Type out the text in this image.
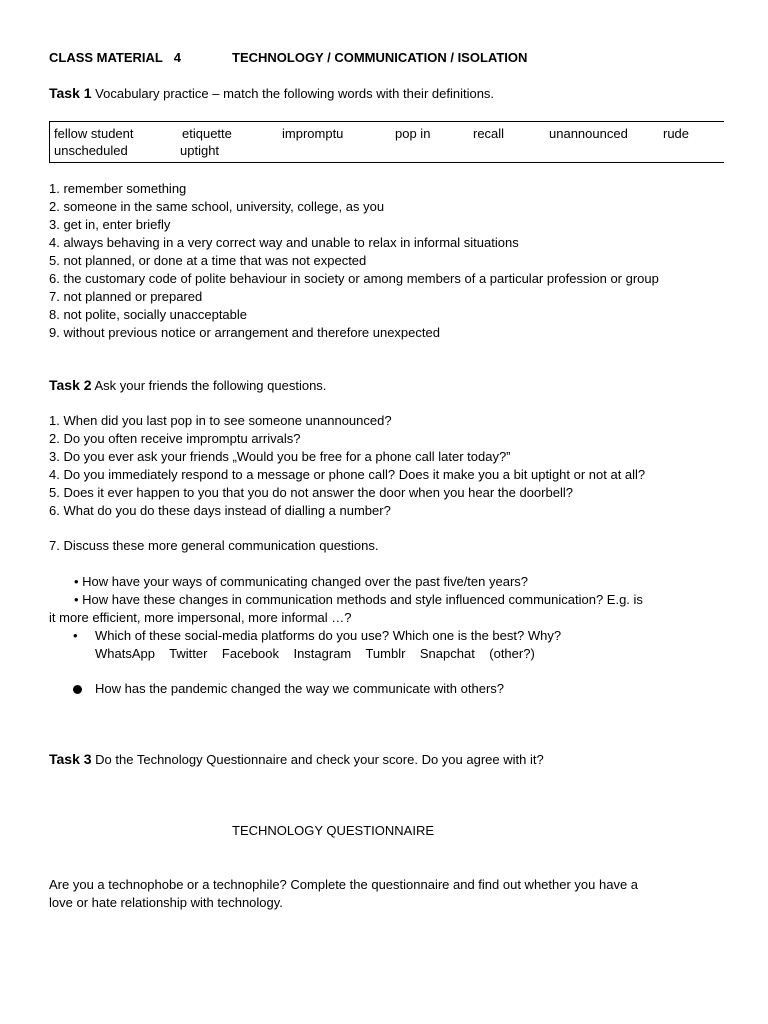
CLASS MATERIAL 4	TECHNOLOGY / COMMUNICATION / ISOLATION
Task 1 Vocabulary practice – match the following words with their definitions.
fellow student	etiquette	impromptu	pop in	recall	unannounced	rude
unscheduled	uptight
1. remember something
2. someone in the same school, university, college, as you
3. get in, enter briefly
4. always behaving in a very correct way and unable to relax in informal situations
5. not planned, or done at a time that was not expected
6. the customary code of polite behaviour in society or among members of a particular profession or group
7. not planned or prepared
8. not polite, socially unacceptable
9. without previous notice or arrangement and therefore unexpected
Task 2 Ask your friends the following questions.
1. When did you last pop in to see someone unannounced?
2. Do you often receive impromptu arrivals?
3. Do you ever ask your friends „Would you be free for a phone call later today?”
4. Do you immediately respond to a message or phone call? Does it make you a bit uptight or not at all?
5. Does it ever happen to you that you do not answer the door when you hear the doorbell?
6. What do you do these days instead of dialling a number?
7. Discuss these more general communication questions.
• How have your ways of communicating changed over the past five/ten years?
• How have these changes in communication methods and style influenced communication? E.g. is
it more efficient, more impersonal, more informal …?
• Which of these social-media platforms do you use? Which one is the best? Why?
WhatsApp    Twitter    Facebook    Instagram    Tumblr    Snapchat    (other?)
How has the pandemic changed the way we communicate with others?
Task 3 Do the Technology Questionnaire and check your score. Do you agree with it?
TECHNOLOGY QUESTIONNAIRE
Are you a technophobe or a technophile? Complete the questionnaire and find out whether you have a
love or hate relationship with technology.
